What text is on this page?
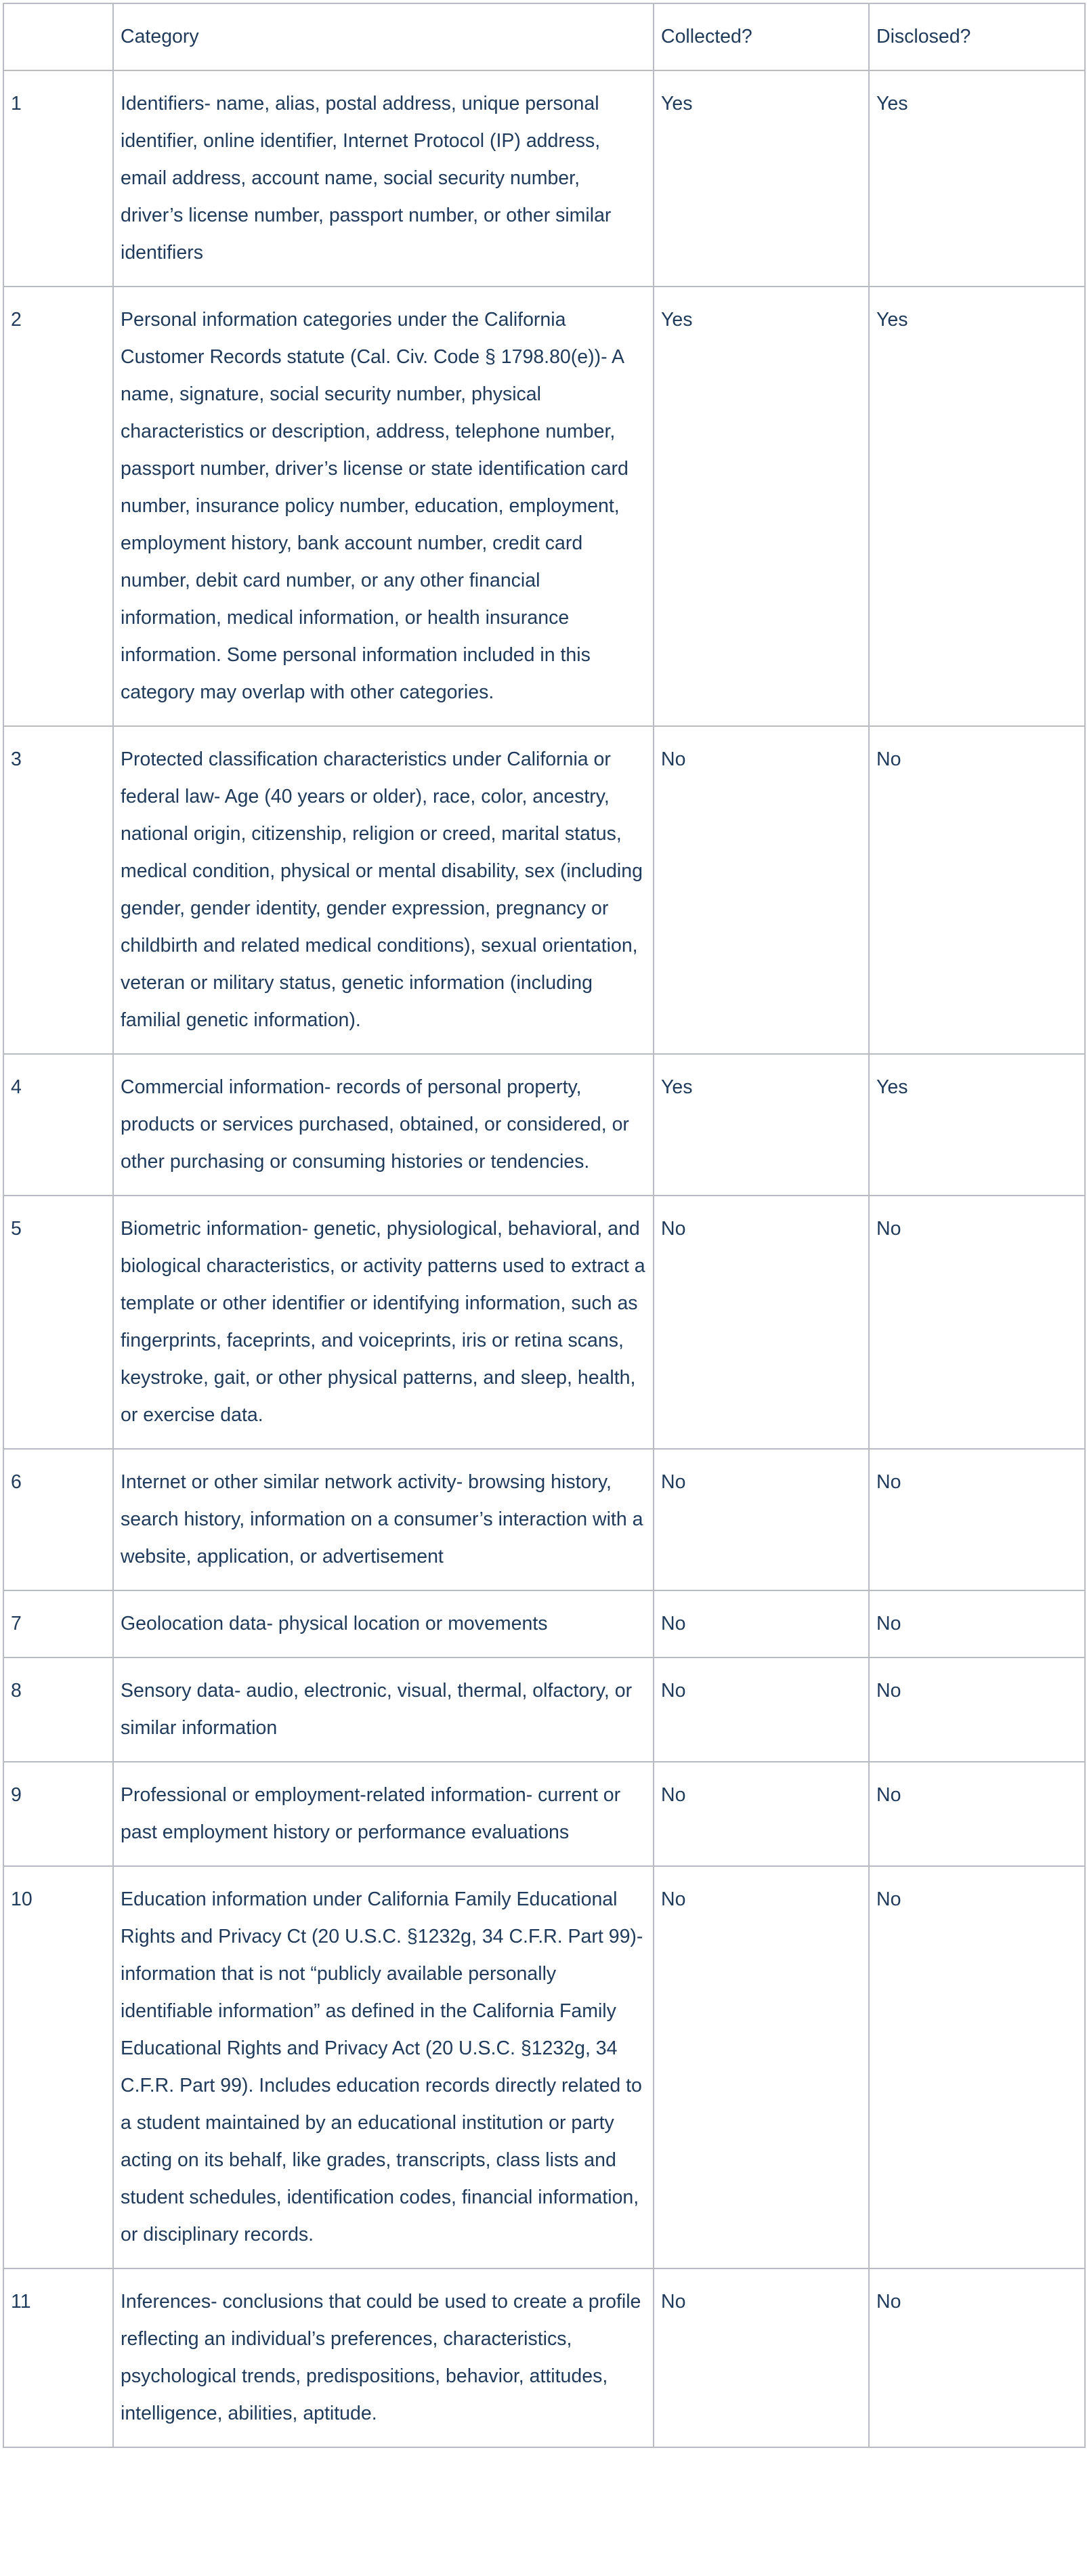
	Category	Collected?	Disclosed?
1	Identifiers- name, alias, postal address, unique personal identifier, online identifier, Internet Protocol (IP) address, email address, account name, social security number, driver’s license number, passport number, or other similar identifiers	Yes	Yes
2	Personal information categories under the California Customer Records statute (Cal. Civ. Code § 1798.80(e))- A name, signature, social security number, physical characteristics or description, address, telephone number, passport number, driver’s license or state identification card number, insurance policy number, education, employment, employment history, bank account number, credit card number, debit card number, or any other financial information, medical information, or health insurance information. Some personal information included in this category may overlap with other categories.	Yes	Yes
3	Protected classification characteristics under California or federal law- Age (40 years or older), race, color, ancestry, national origin, citizenship, religion or creed, marital status, medical condition, physical or mental disability, sex (including gender, gender identity, gender expression, pregnancy or childbirth and related medical conditions), sexual orientation, veteran or military status, genetic information (including familial genetic information).	No	No
4	Commercial information- records of personal property, products or services purchased, obtained, or considered, or other purchasing or consuming histories or tendencies.	Yes	Yes
5	Biometric information- genetic, physiological, behavioral, and biological characteristics, or activity patterns used to extract a template or other identifier or identifying information, such as fingerprints, faceprints, and voiceprints, iris or retina scans, keystroke, gait, or other physical patterns, and sleep, health, or exercise data.	No	No
6	Internet or other similar network activity- browsing history, search history, information on a consumer’s interaction with a website, application, or advertisement	No	No
7	Geolocation data- physical location or movements	No	No
8	Sensory data- audio, electronic, visual, thermal, olfactory, or similar information	No	No
9	Professional or employment-related information- current or past employment history or performance evaluations	No	No
10	Education information under California Family Educational Rights and Privacy Ct (20 U.S.C. §1232g, 34 C.F.R. Part 99)- information that is not “publicly available personally identifiable information” as defined in the California Family Educational Rights and Privacy Act (20 U.S.C. §1232g, 34 C.F.R. Part 99). Includes education records directly related to a student maintained by an educational institution or party acting on its behalf, like grades, transcripts, class lists and student schedules, identification codes, financial information, or disciplinary records.	No	No
11	Inferences- conclusions that could be used to create a profile reflecting an individual’s preferences, characteristics, psychological trends, predispositions, behavior, attitudes, intelligence, abilities, aptitude.	No	No
